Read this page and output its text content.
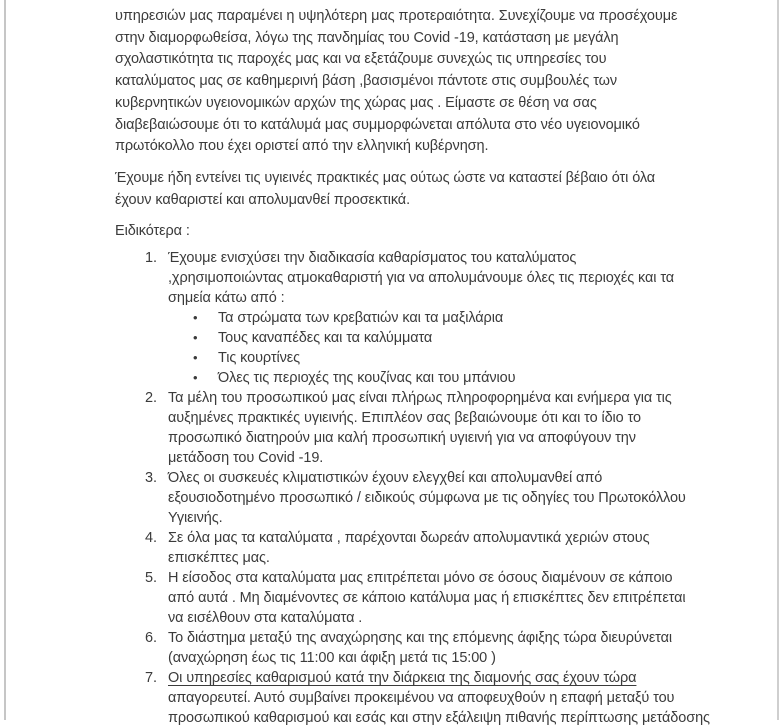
υπηρεσιών μας παραμένει η υψηλότερη μας προτεραιότητα. Συνεχίζουμε να προσέχουμε
στην διαμορφωθείσα, λόγω της πανδημίας του Covid -19, κατάσταση με μεγάλη
σχολαστικότητα τις παροχές μας και να εξετάζουμε συνεχώς τις υπηρεσίες του
καταλύματος μας σε καθημερινή βάση ,βασισμένοι πάντοτε στις συμβουλές των
κυβερνητικών υγειονομικών αρχών της χώρας μας . Είμαστε σε θέση να σας
διαβεβαιώσουμε ότι το κατάλυμά μας συμμορφώνεται απόλυτα στο νέο υγειονομικό
πρωτόκολλο που έχει οριστεί από την ελληνική κυβέρνηση.
Έχουμε ήδη εντείνει τις υγιεινές πρακτικές μας ούτως ώστε να καταστεί βέβαιο ότι όλα
έχουν καθαριστεί και απολυμανθεί προσεκτικά.
Ειδικότερα :
1. Έχουμε ενισχύσει την διαδικασία καθαρίσματος του καταλύματος
,χρησιμοποιώντας ατμοκαθαριστή για να απολυμάνουμε όλες τις περιοχές και τα
σημεία κάτω από :
•	Τα στρώματα των κρεβατιών και τα μαξιλάρια
•	Τους καναπέδες και τα καλύμματα
•	Τις κουρτίνες
•	Όλες τις περιοχές της κουζίνας και του μπάνιου
2. Τα μέλη του προσωπικού μας είναι πλήρως πληροφορημένα και ενήμερα για τις
αυξημένες πρακτικές υγιεινής. Επιπλέον σας βεβαιώνουμε ότι και το ίδιο το
προσωπικό διατηρούν μια καλή προσωπική υγιεινή για να αποφύγουν την
μετάδοση του Covid -19.
3. Όλες οι συσκευές κλιματιστικών έχουν ελεγχθεί και απολυμανθεί από
εξουσιοδοτημένο προσωπικό / ειδικούς σύμφωνα με τις οδηγίες του Πρωτοκόλλου
Υγιεινής.
4. Σε όλα μας τα καταλύματα , παρέχονται δωρεάν απολυμαντικά χεριών στους
επισκέπτες μας.
5. Η είσοδος στα καταλύματα μας επιτρέπεται μόνο σε όσους διαμένουν σε κάποιο
από αυτά . Μη διαμένοντες σε κάποιο κατάλυμα μας ή επισκέπτες δεν επιτρέπεται
να εισέλθουν στα καταλύματα .
6. Το διάστημα μεταξύ της αναχώρησης και της επόμενης άφιξης τώρα διευρύνεται
(αναχώρηση έως τις 11:00 και άφιξη μετά τις 15:00 )
7. Οι υπηρεσίες καθαρισμού κατά την διάρκεια της διαμονής σας έχουν τώρα
απαγορευτεί. Αυτό συμβαίνει προκειμένου να αποφευχθούν η επαφή μεταξύ του
προσωπικού καθαρισμού και εσάς και στην εξάλειψη πιθανής περίπτωσης μετάδοσης
